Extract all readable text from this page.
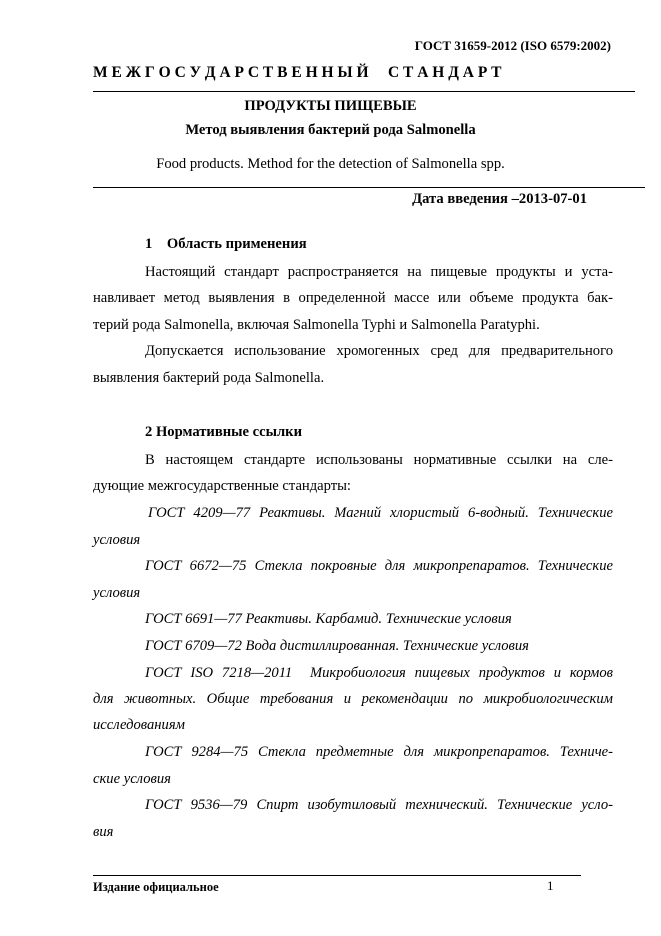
ГОСТ 31659-2012 (ISO 6579:2002)
М Е Ж Г О С У Д А Р С Т В Е Н Н Ы Й     С Т А Н Д А Р Т
ПРОДУКТЫ ПИЩЕВЫЕ
Метод выявления бактерий рода Salmonella
Food products. Method for the detection of Salmonella spp.
Дата введения –2013-07-01
1    Область применения
Настоящий стандарт распространяется на пищевые продукты и уста-
навливает метод выявления в определенной массе или объеме продукта бак-
терий рода Salmonella, включая Salmonella Typhi и Salmonella Paratyphi.
Допускается использование хромогенных сред для предварительного
выявления бактерий рода Salmonella.
2 Нормативные ссылки
В настоящем стандарте использованы нормативные ссылки на сле-
дующие межгосударственные стандарты:
ГОСТ 4209—77 Реактивы. Магний хлористый 6-водный. Технические
условия
ГОСТ 6672—75 Стекла покровные для микропрепаратов. Технические
условия
ГОСТ 6691—77 Реактивы. Карбамид. Технические условия
ГОСТ 6709—72 Вода дистиллированная. Технические условия
ГОСТ ISO 7218—2011  Микробиология пищевых продуктов и кормов
для животных. Общие требования и рекомендации по микробиологическим
исследованиям
ГОСТ 9284—75 Стекла предметные для микропрепаратов. Техниче-
ские условия
ГОСТ 9536—79 Спирт изобутиловый технический. Технические усло-
вия
Издание официальное	1
